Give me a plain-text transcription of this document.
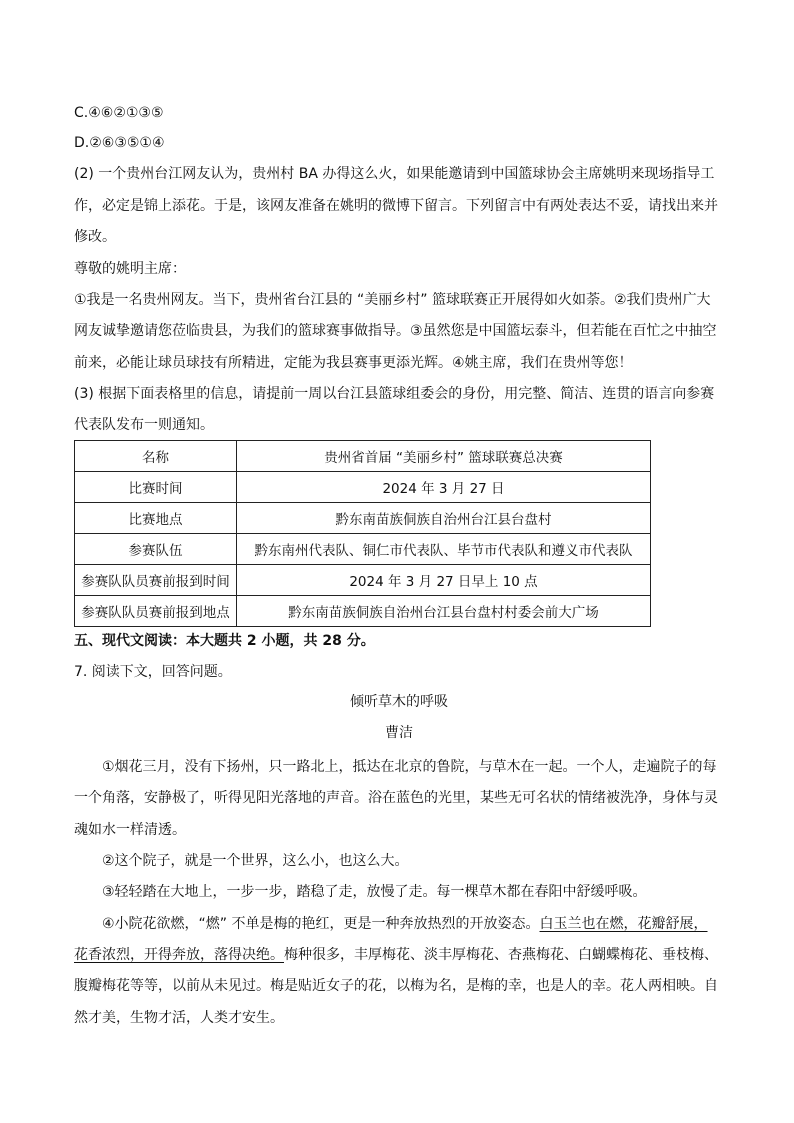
C.④⑥②①③⑤
D.②⑥③⑤①④
(2) 一个贵州台江网友认为，贵州村 BA 办得这么火，如果能邀请到中国篮球协会主席姚明来现场指导工
作，必定是锦上添花。于是，该网友准备在姚明的微博下留言。下列留言中有两处表达不妥，请找出来并
修改。
尊敬的姚明主席：
①我是一名贵州网友。当下，贵州省台江县的 “美丽乡村” 篮球联赛正开展得如火如荼。②我们贵州广大
网友诚挚邀请您莅临贵县，为我们的篮球赛事做指导。③虽然您是中国篮坛泰斗，但若能在百忙之中抽空
前来，必能让球员球技有所精进，定能为我县赛事更添光辉。④姚主席，我们在贵州等您！
(3) 根据下面表格里的信息，请提前一周以台江县篮球组委会的身份，用完整、简洁、连贯的语言向参赛
代表队发布一则通知。
名称	贵州省首届 “美丽乡村” 篮球联赛总决赛
比赛时间	2024 年 3 月 27 日
比赛地点	黔东南苗族侗族自治州台江县台盘村
参赛队伍	黔东南州代表队、铜仁市代表队、毕节市代表队和遵义市代表队
参赛队队员赛前报到时间	2024 年 3 月 27 日早上 10 点
参赛队队员赛前报到地点	黔东南苗族侗族自治州台江县台盘村村委会前大广场
五、现代文阅读：本大题共 2 小题，共 28 分。
7. 阅读下文，回答问题。
倾听草木的呼吸
曹洁
①烟花三月，没有下扬州，只一路北上，抵达在北京的鲁院，与草木在一起。一个人，走遍院子的每
一个角落，安静极了，听得见阳光落地的声音。浴在蓝色的光里，某些无可名状的情绪被洗净，身体与灵
魂如水一样清透。
②这个院子，就是一个世界，这么小，也这么大。
③轻轻踏在大地上，一步一步，踏稳了走，放慢了走。每一棵草木都在春阳中舒缓呼吸。
④小院花欲燃，“燃” 不单是梅的艳红，更是一种奔放热烈的开放姿态。白玉兰也在燃，花瓣舒展，
花香浓烈，开得奔放，落得决绝。梅种很多，丰厚梅花、淡丰厚梅花、杏燕梅花、白蝴蝶梅花、垂枝梅、
腹瓣梅花等等，以前从未见过。梅是贴近女子的花，以梅为名，是梅的幸，也是人的幸。花人两相映。自
然才美，生物才活，人类才安生。
